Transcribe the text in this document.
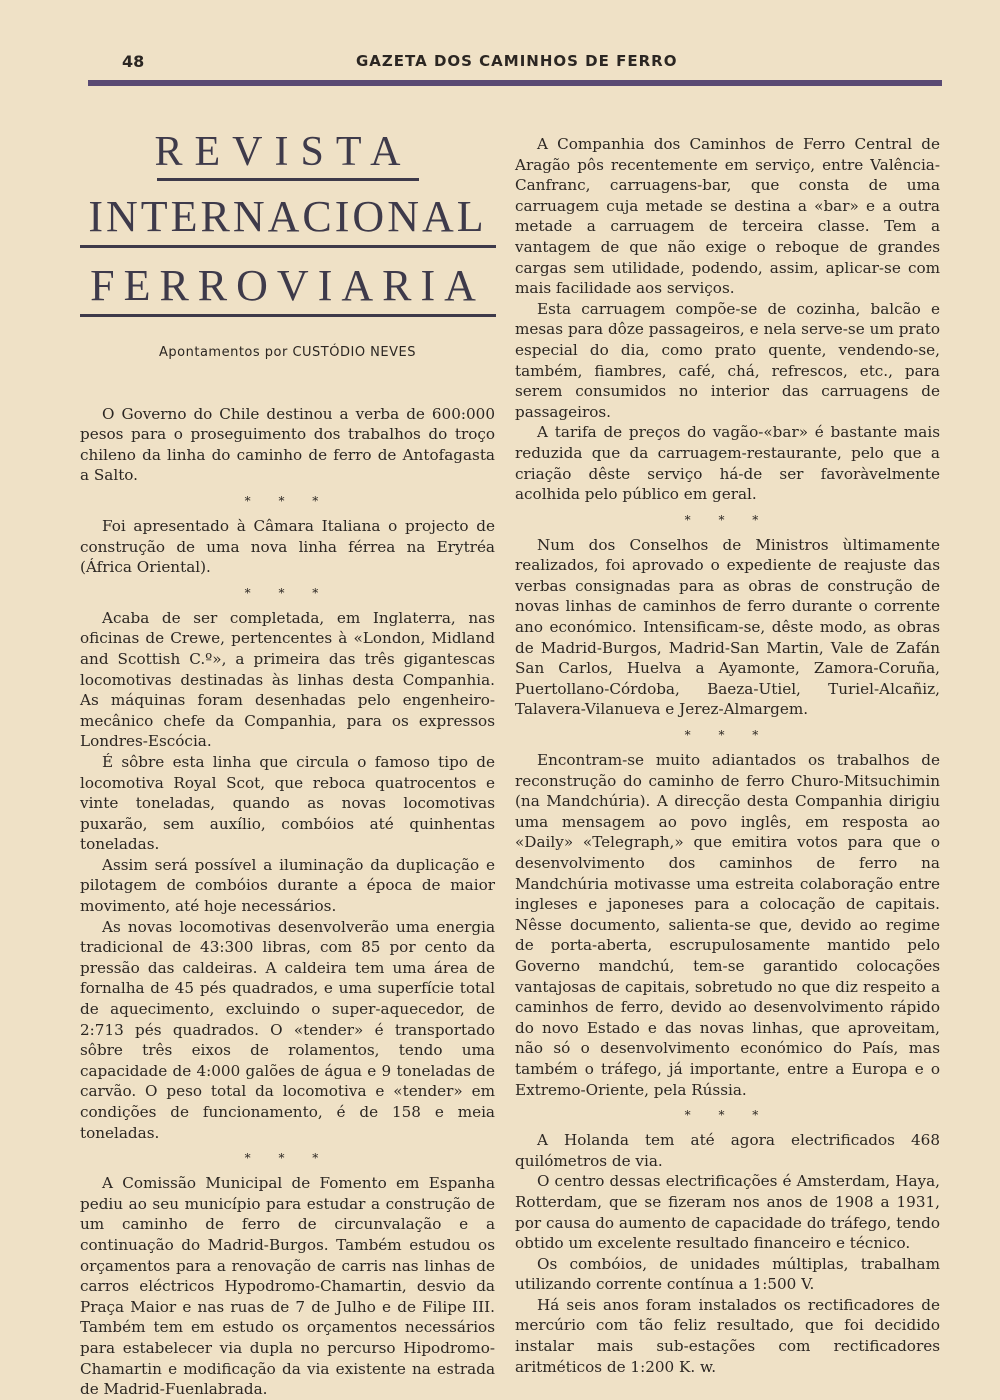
48	GAZETA DOS CAMINHOS DE FERRO
REVISTA
INTERNACIONAL
FERROVIARIA
Apontamentos por CUSTÓDIO NEVES

O Governo do Chile destinou a verba de 600:000 pesos para o proseguimento dos trabalhos do troço chileno da linha do caminho de ferro de Antofagasta a Salto.

* * *

Foi apresentado à Câmara Italiana o projecto de construção de uma nova linha férrea na Erytréa (África Oriental).

* * *

Acaba de ser completada, em Inglaterra, nas oficinas de Crewe, pertencentes à «London, Midland and Scottish C.º», a primeira das três gigantescas locomotivas destinadas às linhas desta Companhia. As máquinas foram desenhadas pelo engenheiro-mecânico chefe da Companhia, para os expressos Londres-Escócia.

É sôbre esta linha que circula o famoso tipo de locomotiva Royal Scot, que reboca quatrocentos e vinte toneladas, quando as novas locomotivas puxarão, sem auxílio, combóios até quinhentas toneladas.

Assim será possível a iluminação da duplicação e pilotagem de combóios durante a época de maior movimento, até hoje necessários.

As novas locomotivas desenvolverão uma energia tradicional de 43:300 libras, com 85 por cento da pressão das caldeiras. A caldeira tem uma área de fornalha de 45 pés quadrados, e uma superfície total de aquecimento, excluindo o super-aquecedor, de 2:713 pés quadrados. O «tender» é transportado sôbre três eixos de rolamentos, tendo uma capacidade de 4:000 galões de água e 9 toneladas de carvão. O peso total da locomotiva e «tender» em condições de funcionamento, é de 158 e meia toneladas.

* * *

A Comissão Municipal de Fomento em Espanha pediu ao seu município para estudar a construção de um caminho de ferro de circunvalação e a continuação do Madrid-Burgos. Também estudou os orçamentos para a renovação de carris nas linhas de carros eléctricos Hypodromo-Chamartin, desvio da Praça Maior e nas ruas de 7 de Julho e de Filipe III. Também tem em estudo os orçamentos necessários para estabelecer via dupla no percurso Hipodromo-Chamartin e modificação da via existente na estrada de Madrid-Fuenlabrada.

A Companhia dos Caminhos de Ferro Central de Aragão pôs recentemente em serviço, entre Valência-Canfranc, carruagens-bar, que consta de uma carruagem cuja metade se destina a «bar» e a outra metade a carruagem de terceira classe. Tem a vantagem de que não exige o reboque de grandes cargas sem utilidade, podendo, assim, aplicar-se com mais facilidade aos serviços.

Esta carruagem compõe-se de cozinha, balcão e mesas para dôze passageiros, e nela serve-se um prato especial do dia, como prato quente, vendendo-se, também, fiambres, café, chá, refrescos, etc., para serem consumidos no interior das carruagens de passageiros.

A tarifa de preços do vagão-«bar» é bastante mais reduzida que da carruagem-restaurante, pelo que a criação dêste serviço há-de ser favoràvelmente acolhida pelo público em geral.

* * *

Num dos Conselhos de Ministros ùltimamente realizados, foi aprovado o expediente de reajuste das verbas consignadas para as obras de construção de novas linhas de caminhos de ferro durante o corrente ano económico. Intensificam-se, dêste modo, as obras de Madrid-Burgos, Madrid-San Martin, Vale de Zafán San Carlos, Huelva a Ayamonte, Zamora-Coruña, Puertollano-Córdoba, Baeza-Utiel, Turiel-Alcañiz, Talavera-Vilanueva e Jerez-Almargem.

* * *

Encontram-se muito adiantados os trabalhos de reconstrução do caminho de ferro Churo-Mitsuchimin (na Mandchúria). A direcção desta Companhia dirigiu uma mensagem ao povo inglês, em resposta ao «Daily» «Telegraph,» que emitira votos para que o desenvolvimento dos caminhos de ferro na Mandchúria motivasse uma estreita colaboração entre ingleses e japoneses para a colocação de capitais. Nêsse documento, salienta-se que, devido ao regime de porta-aberta, escrupulosamente mantido pelo Governo mandchú, tem-se garantido colocações vantajosas de capitais, sobretudo no que diz respeito a caminhos de ferro, devido ao desenvolvimento rápido do novo Estado e das novas linhas, que aproveitam, não só o desenvolvimento económico do País, mas também o tráfego, já importante, entre a Europa e o Extremo-Oriente, pela Rússia.

* * *

A Holanda tem até agora electrificados 468 quilómetros de via.

O centro dessas electrificações é Amsterdam, Haya, Rotterdam, que se fizeram nos anos de 1908 a 1931, por causa do aumento de capacidade do tráfego, tendo obtido um excelente resultado financeiro e técnico.

Os combóios, de unidades múltiplas, trabalham utilizando corrente contínua a 1:500 V.

Há seis anos foram instalados os rectificadores de mercúrio com tão feliz resultado, que foi decidido instalar mais sub-estações com rectificadores aritméticos de 1:200 K. w.
